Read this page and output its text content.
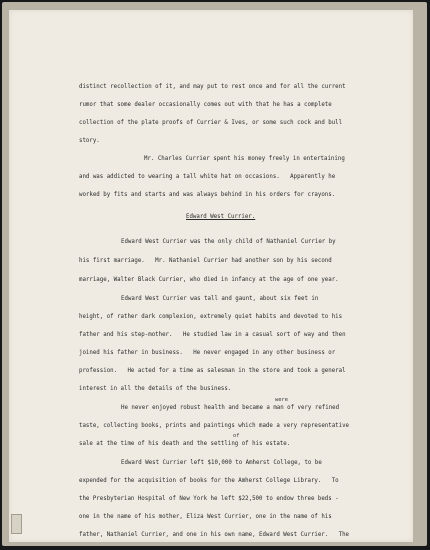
distinct recollection of it, and may put to rest once and for all the current
rumor that some dealer occasionally comes out with that he has a complete
collection of the plate proofs of Currier & Ives, or some such cock and bull
story.
Mr. Charles Currier spent his money freely in entertaining
and was addicted to wearing a tall white hat on occasions.   Apparently he
worked by fits and starts and was always behind in his orders for crayons.
Edward West Currier.
Edward West Currier was the only child of Nathaniel Currier by
his first marriage.   Mr. Nathaniel Currier had another son by his second
marriage, Walter Black Currier, who died in infancy at the age of one year.
Edward West Currier was tall and gaunt, about six feet in
height, of rather dark complexion, extremely quiet habits and devoted to his
father and his step-mother.   He studied law in a casual sort of way and then
joined his father in business.   He never engaged in any other business or
profession.   He acted for a time as salesman in the store and took a general
interest in all the details of the business.
were
He never enjoyed robust health and became a man of very refined
taste, collecting books, prints and paintings which made a very representative
of
sale at the time of his death and the settling of his estate.
Edward West Currier left $10,000 to Amherst College, to be
expended for the acquisition of books for the Amherst College Library.   To
the Presbyterian Hospital of New York he left $22,500 to endow three beds -
one in the name of his mother, Eliza West Currier, one in the name of his
father, Nathaniel Currier, and one in his own name, Edward West Currier.   The
